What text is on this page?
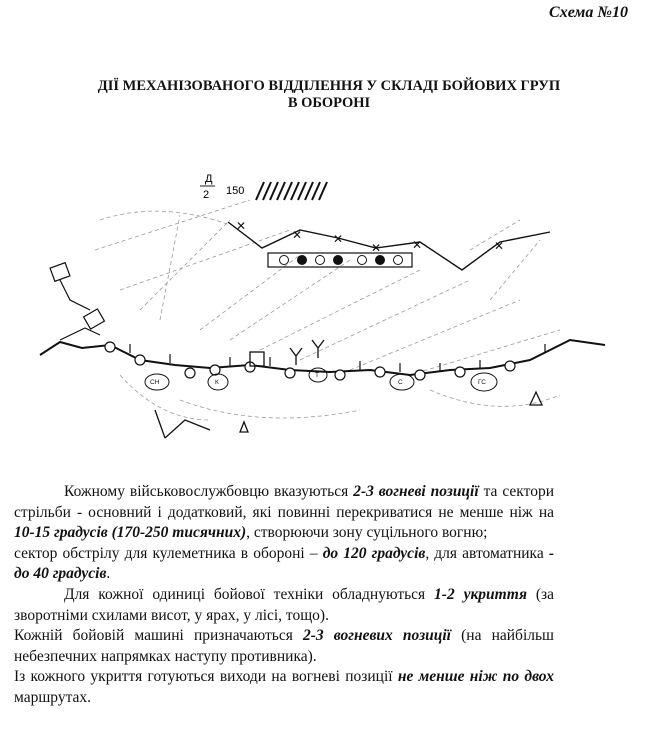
Схема №10
ДІЇ МЕХАНІЗОВАНОГО ВІДДІЛЕННЯ У СКЛАДІ БОЙОВИХ ГРУП
В ОБОРОНІ
Д
2 150
✕
✕	✕
✕	✕	✕
СН	К
Т
С	ГС

Кожному військовослужбовцю вказуються 2-3 вогневі позиції та сектори стрільби - основний і додатковий, які повинні перекриватися не менше ніж на 10-15 градусів (170-250 тисячних), створюючи зону суцільного вогню;

сектор обстрілу для кулеметника в обороні – до 120 градусів, для автоматника - до 40 градусів.

Для кожної одиниці бойової техніки обладнуються 1-2 укриття (за зворотніми схилами висот, у ярах, у лісі, тощо).

Кожній бойовій машині призначаються 2-3 вогневих позиції (на найбільш небезпечних напрямках наступу противника).

Із кожного укриття готуються виходи на вогневі позиції не менше ніж по двох маршрутах.
